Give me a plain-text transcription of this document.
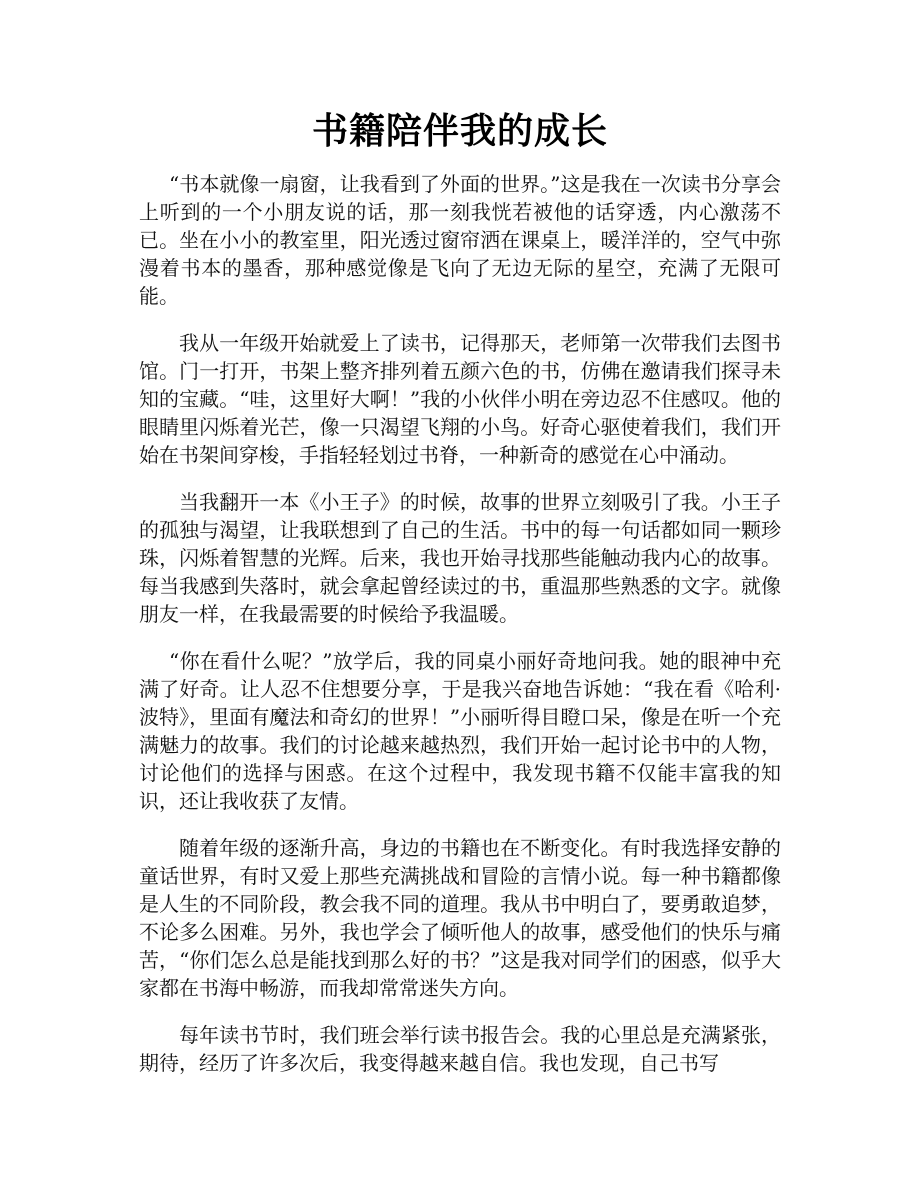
书籍陪伴我的成长

“书本就像一扇窗，让我看到了外面的世界。”这是我在一次读书分享会上听到的一个小朋友说的话，那一刻我恍若被他的话穿透，内心激荡不已。坐在小小的教室里，阳光透过窗帘洒在课桌上，暖洋洋的，空气中弥漫着书本的墨香，那种感觉像是飞向了无边无际的星空，充满了无限可能。

我从一年级开始就爱上了读书，记得那天，老师第一次带我们去图书馆。门一打开，书架上整齐排列着五颜六色的书，仿佛在邀请我们探寻未知的宝藏。“哇，这里好大啊！”我的小伙伴小明在旁边忍不住感叹。他的眼睛里闪烁着光芒，像一只渴望飞翔的小鸟。好奇心驱使着我们，我们开始在书架间穿梭，手指轻轻划过书脊，一种新奇的感觉在心中涌动。

当我翻开一本《小王子》的时候，故事的世界立刻吸引了我。小王子的孤独与渴望，让我联想到了自己的生活。书中的每一句话都如同一颗珍珠，闪烁着智慧的光辉。后来，我也开始寻找那些能触动我内心的故事。每当我感到失落时，就会拿起曾经读过的书，重温那些熟悉的文字。就像朋友一样，在我最需要的时候给予我温暖。

“你在看什么呢？”放学后，我的同桌小丽好奇地问我。她的眼神中充满了好奇。让人忍不住想要分享，于是我兴奋地告诉她：“我在看《哈利·波特》，里面有魔法和奇幻的世界！”小丽听得目瞪口呆，像是在听一个充满魅力的故事。我们的讨论越来越热烈，我们开始一起讨论书中的人物，讨论他们的选择与困惑。在这个过程中，我发现书籍不仅能丰富我的知识，还让我收获了友情。

随着年级的逐渐升高，身边的书籍也在不断变化。有时我选择安静的童话世界，有时又爱上那些充满挑战和冒险的言情小说。每一种书籍都像是人生的不同阶段，教会我不同的道理。我从书中明白了，要勇敢追梦，不论多么困难。另外，我也学会了倾听他人的故事，感受他们的快乐与痛苦，“你们怎么总是能找到那么好的书？”这是我对同学们的困惑，似乎大家都在书海中畅游，而我却常常迷失方向。

每年读书节时，我们班会举行读书报告会。我的心里总是充满紧张，期待，经历了许多次后，我变得越来越自信。我也发现，自己书写
